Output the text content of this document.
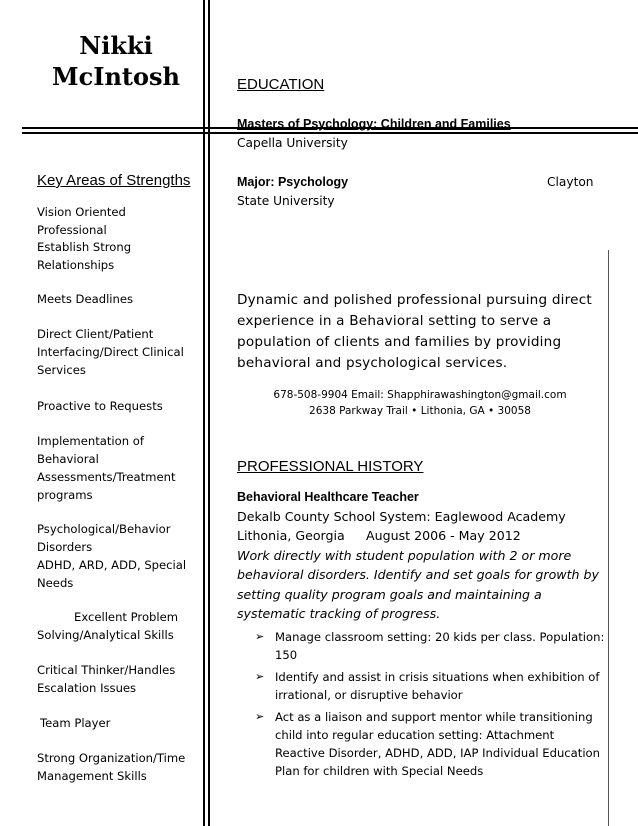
Nikki
McIntosh
Key Areas of Strengths
Vision Oriented Professional
Establish Strong Relationships
Meets Deadlines
Direct Client/Patient Interfacing/Direct Clinical Services
Proactive to Requests
Implementation of Behavioral Assessments/Treatment programs
Psychological/Behavior Disorders
ADHD, ARD, ADD, Special Needs
Excellent Problem Solving/Analytical Skills
Critical Thinker/Handles Escalation Issues
Team Player
Strong Organization/Time Management Skills
EDUCATION
Masters of Psychology: Children and Families
Capella University
Major: Psychology	Clayton
State University
Dynamic and polished professional pursuing direct experience in a Behavioral setting to serve a population of clients and families by providing behavioral and psychological services.
678-508-9904 Email: Shapphirawashington@gmail.com
2638 Parkway Trail • Lithonia, GA • 30058
PROFESSIONAL HISTORY
Behavioral Healthcare Teacher
Dekalb County School System: Eaglewood Academy
Lithonia, Georgia August 2006 - May 2012
Work directly with student population with 2 or more behavioral disorders. Identify and set goals for growth by setting quality program goals and maintaining a systematic tracking of progress.
➢ Manage classroom setting: 20 kids per class. Population: 150
➢ Identify and assist in crisis situations when exhibition of irrational, or disruptive behavior
➢ Act as a liaison and support mentor while transitioning child into regular education setting: Attachment Reactive Disorder, ADHD, ADD, IAP Individual Education Plan for children with Special Needs
